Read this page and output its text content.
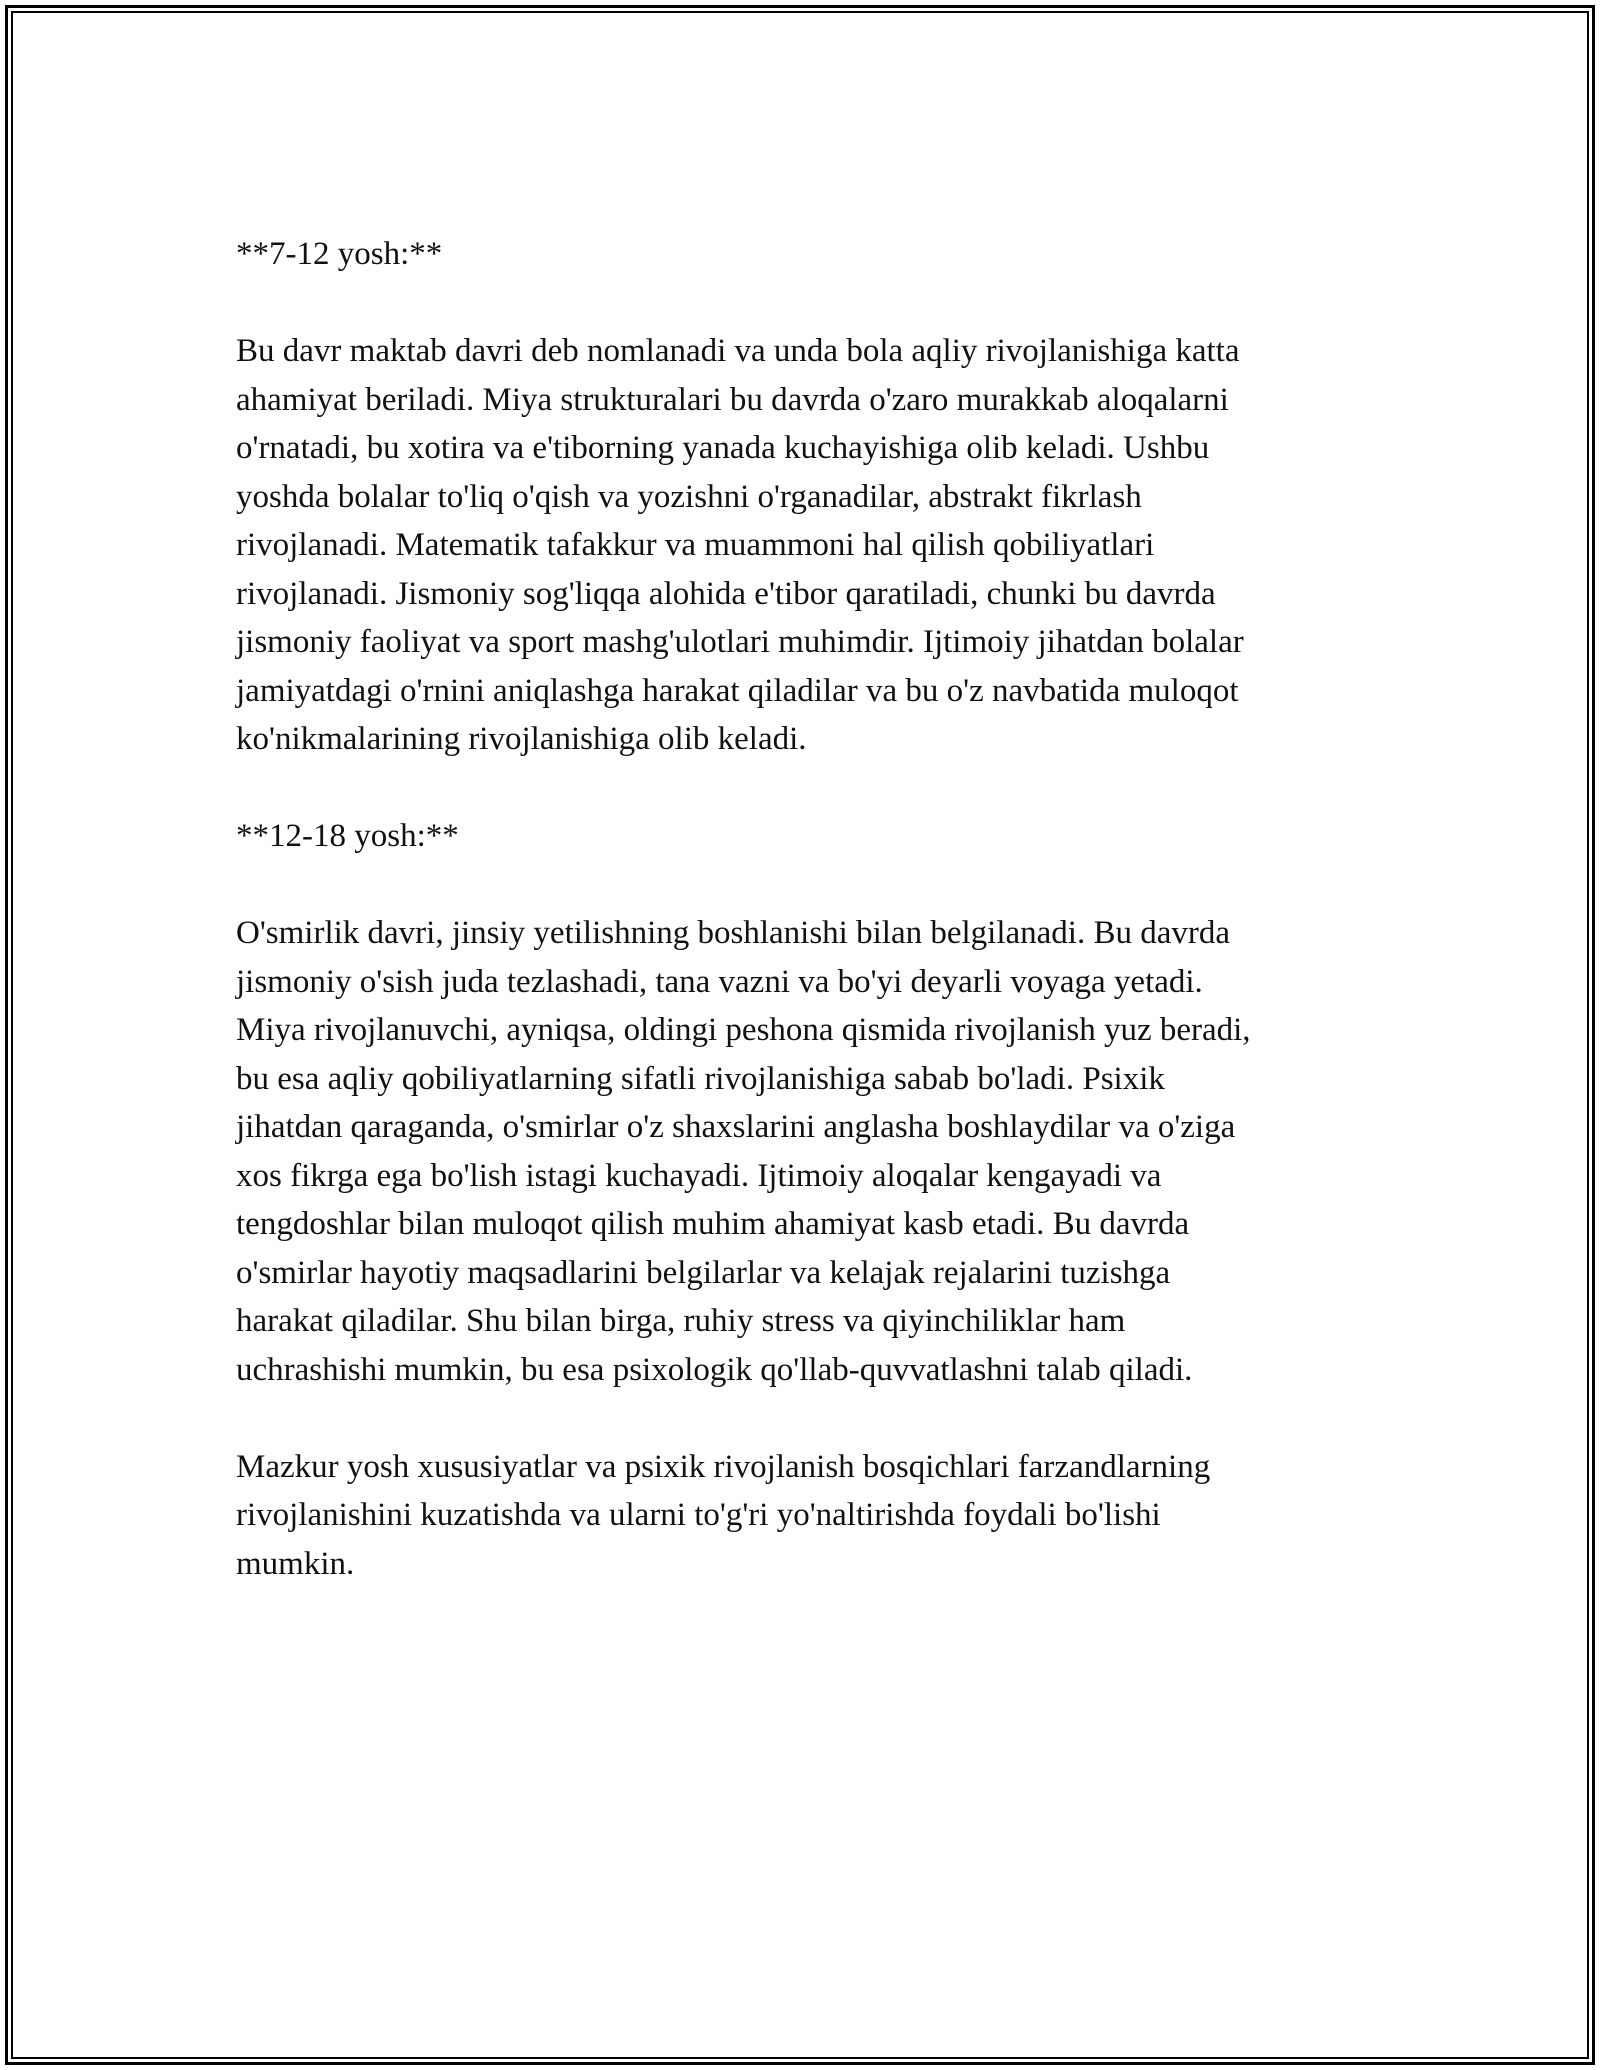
**7-12 yosh:**

Bu davr maktab davri deb nomlanadi va unda bola aqliy rivojlanishiga katta
ahamiyat beriladi. Miya strukturalari bu davrda o'zaro murakkab aloqalarni
o'rnatadi, bu xotira va e'tiborning yanada kuchayishiga olib keladi. Ushbu
yoshda bolalar to'liq o'qish va yozishni o'rganadilar, abstrakt fikrlash
rivojlanadi. Matematik tafakkur va muammoni hal qilish qobiliyatlari
rivojlanadi. Jismoniy sog'liqqa alohida e'tibor qaratiladi, chunki bu davrda
jismoniy faoliyat va sport mashg'ulotlari muhimdir. Ijtimoiy jihatdan bolalar
jamiyatdagi o'rnini aniqlashga harakat qiladilar va bu o'z navbatida muloqot
ko'nikmalarining rivojlanishiga olib keladi.

**12-18 yosh:**

O'smirlik davri, jinsiy yetilishning boshlanishi bilan belgilanadi. Bu davrda
jismoniy o'sish juda tezlashadi, tana vazni va bo'yi deyarli voyaga yetadi.
Miya rivojlanuvchi, ayniqsa, oldingi peshona qismida rivojlanish yuz beradi,
bu esa aqliy qobiliyatlarning sifatli rivojlanishiga sabab bo'ladi. Psixik
jihatdan qaraganda, o'smirlar o'z shaxslarini anglasha boshlaydilar va o'ziga
xos fikrga ega bo'lish istagi kuchayadi. Ijtimoiy aloqalar kengayadi va
tengdoshlar bilan muloqot qilish muhim ahamiyat kasb etadi. Bu davrda
o'smirlar hayotiy maqsadlarini belgilarlar va kelajak rejalarini tuzishga
harakat qiladilar. Shu bilan birga, ruhiy stress va qiyinchiliklar ham
uchrashishi mumkin, bu esa psixologik qo'llab-quvvatlashni talab qiladi.

Mazkur yosh xususiyatlar va psixik rivojlanish bosqichlari farzandlarning
rivojlanishini kuzatishda va ularni to'g'ri yo'naltirishda foydali bo'lishi
mumkin.
